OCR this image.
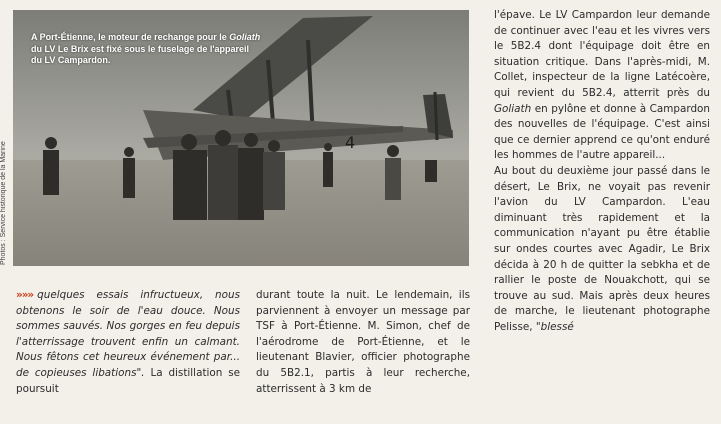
4
A Port-Étienne, le moteur de rechange pour le Goliath du LV Le Brix est fixé sous le fuselage de l'appareil du LV Campardon.
Photos : Service historique de la Marine

»»» quelques essais infructueux, nous obtenons le soir de l'eau douce. Nous sommes sauvés. Nos gorges en feu depuis l'atterrissage trouvent enfin un calmant. Nous fêtons cet heureux événement par... de copieuses libations". La distillation se poursuit

durant toute la nuit. Le lendemain, ils parviennent à envoyer un message par TSF à Port-Étienne. M. Simon, chef de l'aérodrome de Port-Étienne, et le lieutenant Blavier, officier photographe du 5B2.1, partis à leur recherche, atterrissent à 3 km de

l'épave. Le LV Campardon leur demande de continuer avec l'eau et les vivres vers le 5B2.4 dont l'équipage doit être en situation critique. Dans l'après-midi, M. Collet, inspecteur de la ligne Latécoère, qui revient du 5B2.4, atterrit près du Goliath en pylône et donne à Campardon des nouvelles de l'équipage. C'est ainsi que ce dernier apprend ce qu'ont enduré les hommes de l'autre appareil...

Au bout du deuxième jour passé dans le désert, Le Brix, ne voyait pas revenir l'avion du LV Campardon. L'eau diminuant très rapidement et la communication n'ayant pu être établie sur ondes courtes avec Agadir, Le Brix décida à 20 h de quitter la sebkha et de rallier le poste de Nouakchott, qui se trouve au sud. Mais après deux heures de marche, le lieutenant photographe Pelisse, "blessé
